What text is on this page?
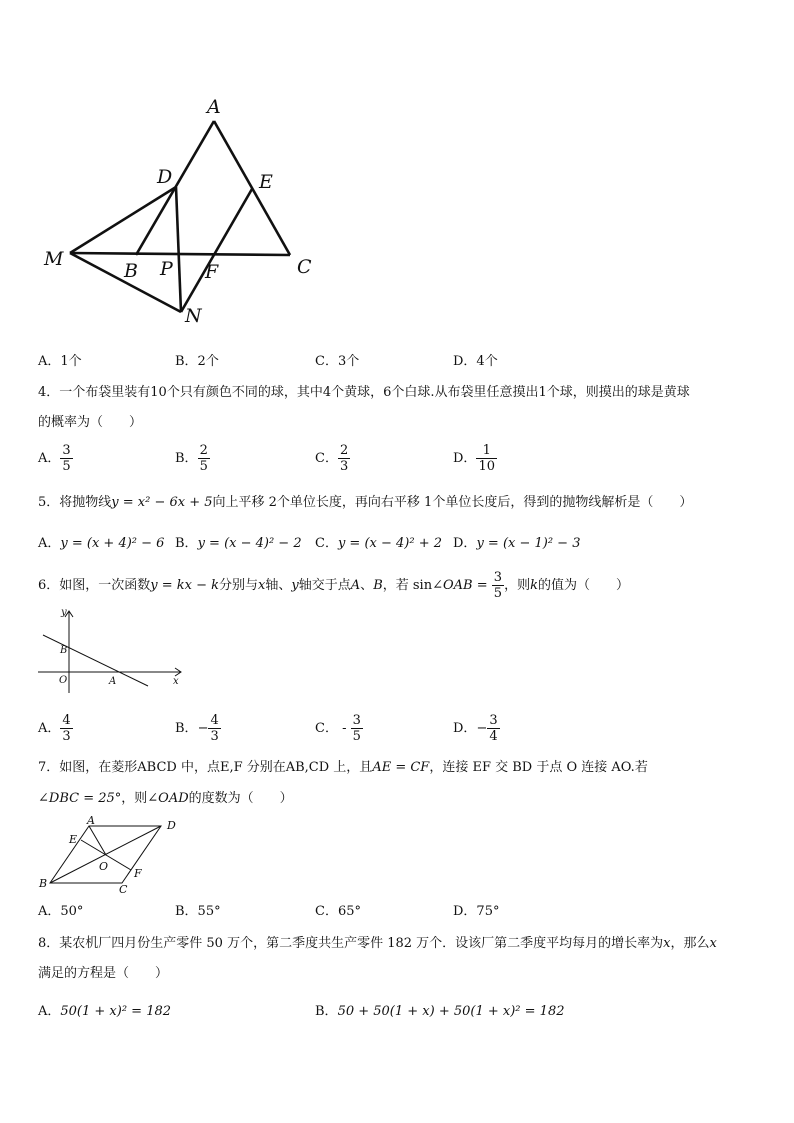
A
D	E
M
B P F	C
N
A．1个	B．2个	C．3个	D．4个
4．一个布袋里装有10个只有颜色不同的球，其中4个黄球，6个白球.从布袋里任意摸出1个球，则摸出的球是黄球
的概率为（　　）
A． $\frac{3}{5}$	B． $\frac{2}{5}$	C． $\frac{2}{3}$	D． $\frac{1}{10}$
5．将抛物线y = x² − 6x + 5向上平移 2个单位长度，再向右平移 1个单位长度后，得到的抛物线解析是（　　）
A．y = (x + 4)² − 6 B．y = (x − 4)² − 2 C．y = (x − 4)² + 2 D．y = (x − 1)² − 3
6．如图，一次函数y = kx − k分别与x轴、y轴交于点A、B，若 sin∠OAB = $\frac{3}{5}$ ，则k的值为（　　）
y
x
B
O	A
A． $\frac{4}{3}$	B．− $\frac{4}{3}$	C． - $\frac{3}{5}$	D．− $\frac{3}{4}$
7．如图，在菱形ABCD 中，点E,F 分别在AB,CD 上，且AE = CF，连接 EF 交 BD 于点 O 连接 AO.若
∠DBC = 25°，则∠OAD的度数为（　　）
A	D
E
O
B	C
F
A．50°	B．55°	C．65°	D．75°
8．某农机厂四月份生产零件 50 万个，第二季度共生产零件 182 万个．设该厂第二季度平均每月的增长率为x，那么x
满足的方程是（　　）
A．50(1 + x)² = 182	B．50 + 50(1 + x) + 50(1 + x)² = 182
